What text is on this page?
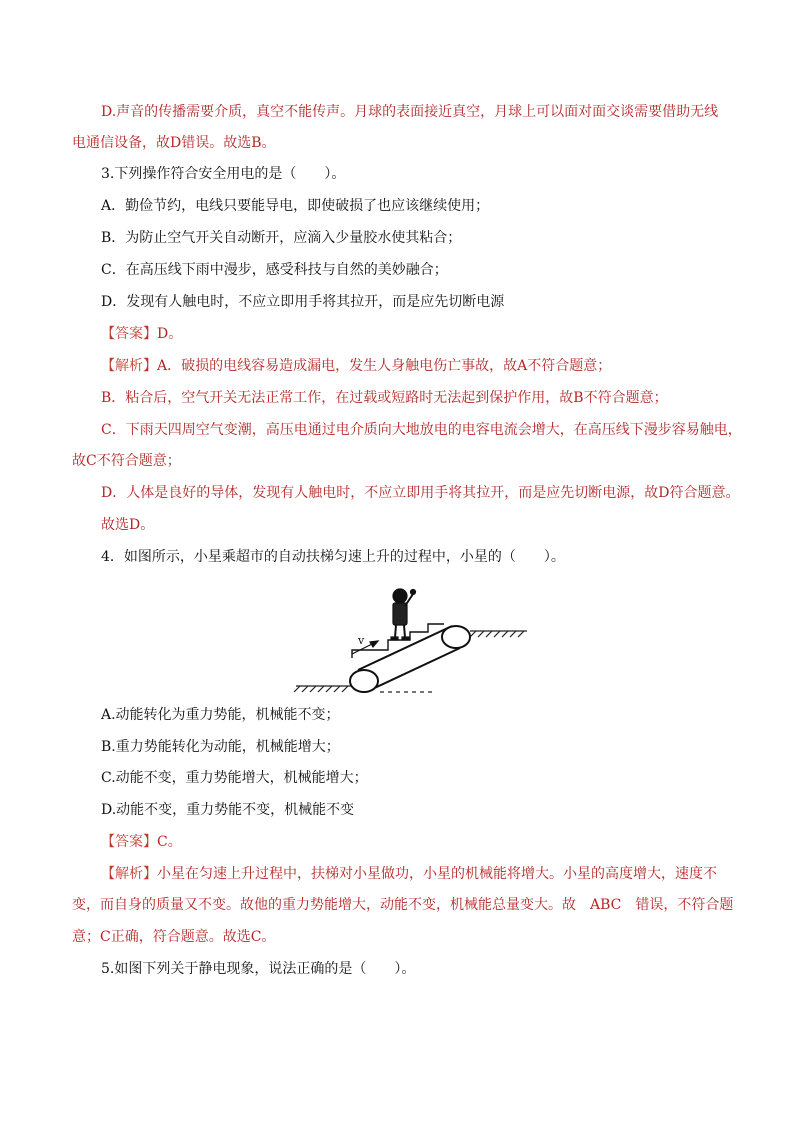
D.声音的传播需要介质，真空不能传声。月球的表面接近真空，月球上可以面对面交谈需要借助无线
电通信设备，故D错误。故选B。
3.下列操作符合安全用电的是（　　）。
A．勤俭节约，电线只要能导电，即使破损了也应该继续使用；
B．为防止空气开关自动断开，应滴入少量胶水使其粘合；
C．在高压线下雨中漫步，感受科技与自然的美妙融合；
D．发现有人触电时，不应立即用手将其拉开，而是应先切断电源
【答案】D。
【解析】A．破损的电线容易造成漏电，发生人身触电伤亡事故，故A不符合题意；
B．粘合后，空气开关无法正常工作，在过载或短路时无法起到保护作用，故B不符合题意；
C．下雨天四周空气变潮，高压电通过电介质向大地放电的电容电流会增大，在高压线下漫步容易触电，
故C不符合题意；
D．人体是良好的导体，发现有人触电时，不应立即用手将其拉开，而是应先切断电源，故D符合题意。
故选D。
4．如图所示，小星乘超市的自动扶梯匀速上升的过程中，小星的（　　）。
v
A.动能转化为重力势能，机械能不变；
B.重力势能转化为动能，机械能增大；
C.动能不变，重力势能增大，机械能增大；
D.动能不变，重力势能不变，机械能不变
【答案】C。
【解析】小星在匀速上升过程中，扶梯对小星做功，小星的机械能将增大。小星的高度增大，速度不
变，而自身的质量又不变。故他的重力势能增大，动能不变，机械能总量变大。故　ABC　错误，不符合题
意；C正确，符合题意。故选C。
5.如图下列关于静电现象，说法正确的是（　　）。
